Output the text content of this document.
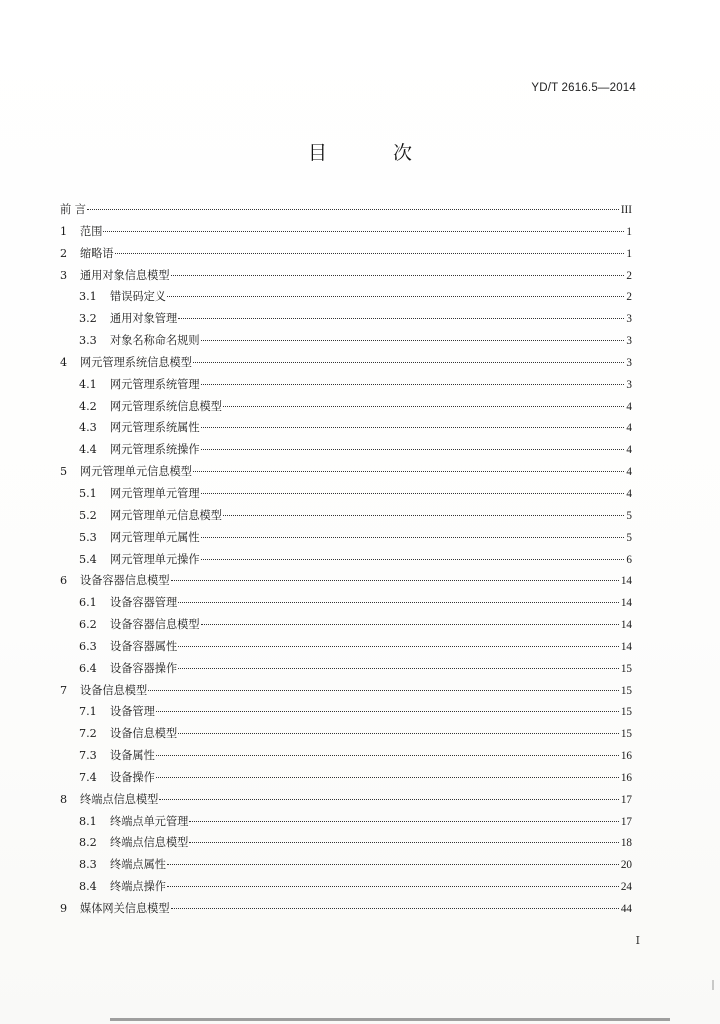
YD/T 2616.5—2014
目 次
前 言	III
1	范围	1
2	缩略语	1
3	通用对象信息模型	2
3.1	错误码定义	2
3.2	通用对象管理	3
3.3	对象名称命名规则	3
4	网元管理系统信息模型	3
4.1	网元管理系统管理	3
4.2	网元管理系统信息模型	4
4.3	网元管理系统属性	4
4.4	网元管理系统操作	4
5	网元管理单元信息模型	4
5.1	网元管理单元管理	4
5.2	网元管理单元信息模型	5
5.3	网元管理单元属性	5
5.4	网元管理单元操作	6
6	设备容器信息模型	14
6.1	设备容器管理	14
6.2	设备容器信息模型	14
6.3	设备容器属性	14
6.4	设备容器操作	15
7	设备信息模型	15
7.1	设备管理	15
7.2	设备信息模型	15
7.3	设备属性	16
7.4	设备操作	16
8	终端点信息模型	17
8.1	终端点单元管理	17
8.2	终端点信息模型	18
8.3	终端点属性	20
8.4	终端点操作	24
9	媒体网关信息模型	44
I
